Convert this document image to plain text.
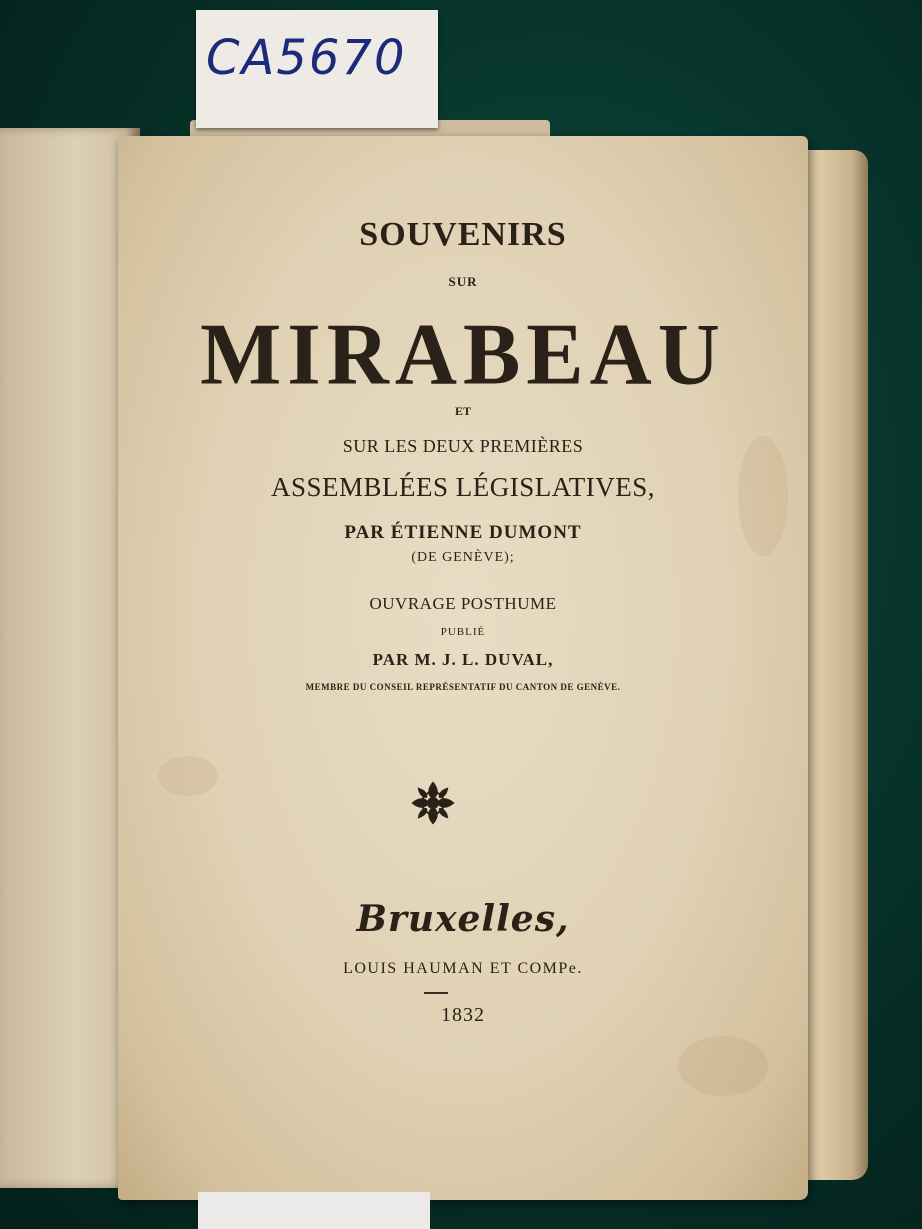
SOUVENIRS
SUR
MIRABEAU
ET
SUR LES DEUX PREMIÈRES
ASSEMBLÉES LÉGISLATIVES,
PAR ÉTIENNE DUMONT
(DE GENÈVE);
OUVRAGE POSTHUME
PUBLIÉ
PAR M. J. L. DUVAL,
MEMBRE DU CONSEIL REPRÉSENTATIF DU CANTON DE GENÈVE.
Bruxelles,
LOUIS HAUMAN ET COMPe.
1832
CA5670
